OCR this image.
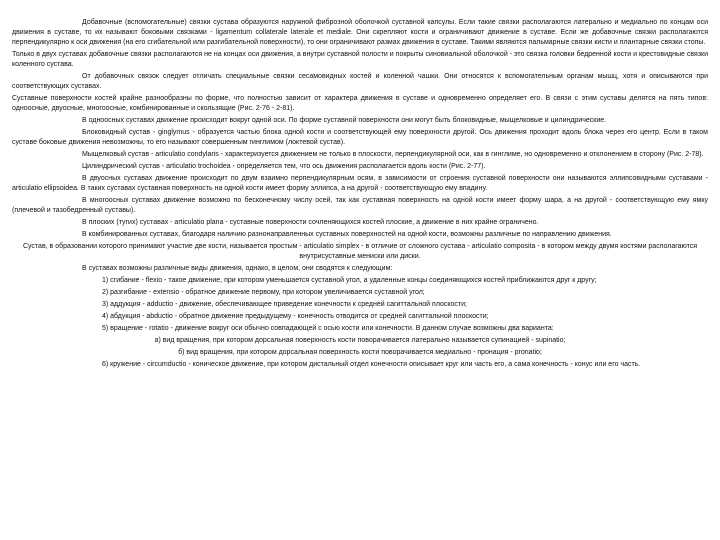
Добавочные (вспомогательные) связки сустава образуются наружной фиброзной оболочкой суставной капсулы. Если такие связки располагаются латерально и медиально по концам оси движения в суставе, то их называют боковыми связками - ligamentum collaterale laterale et mediale. Они скрепляют кости и ограничивают движение в суставе. Если же добавочные связки располагаются перпендикулярно к оси движения (на его сгибательной или разгибательной поверхности), то они ограничивают размах движения в суставе. Такими являются пальмарные связки кисти и плантарные связки стопы.

Только в двух суставах добавочные связки располагаются не на концах оси движения, а внутри суставной полости и покрыты синовиальной оболочкой - это связка головки бедренной кости и крестовидные связки коленного сустава.

От добавочных связок следует отличать специальные связки сесамовидных костей и коленной чашки. Они относятся к вспомогательным органам мышц, хотя и описываются при соответствующих суставах.

Суставные поверхности костей крайне разнообразны по форме, что полностью зависит от характера движения в суставе и одновременно определяет его. В связи с этим суставы делятся на пять типов: одноосные, двуосные, многоосные, комбинированные и скользящие (Рис. 2-76 - 2-81).

В одноосных суставах движение происходит вокруг одной оси. По форме суставной поверхности они могут быть блоковидные, мыщелковые и цилиндрические.

Блоковидный сустав - ginglymus - образуется частью блока одной кости и соответствующей ему поверхности другой. Ось движения проходит вдоль блока через его центр. Если в таком суставе боковые движения невозможны, то его называют совершенным гинглимом (локтевой сустав).

Мыщелковый сустав - articulatio condylaris - характеризуется движением не только в плоскости, перпендикулярной оси, как в гинглиме, но одновременно и отклонением в сторону (Рис. 2-78).

Цилиндрический сустав - articulatio trochoidea - определяется тем, что ось движения располагается вдоль кости (Рис. 2-77).

В двуосных суставах движение происходит по двум взаимно перпендикулярным осям, в зависимости от строения суставной поверхности они называются эллипсовидными суставами - articulatio ellipsoidea. В таких суставах суставная поверхность на одной кости имеет форму эллипса, а на другой - соответствующую ему впадину.

В многоосных суставах движение возможно по бесконечному числу осей, так как суставная поверхность на одной кости имеет форму шара, а на другой - соответствующую ему ямку (плечевой и тазобедренный суставы).

В плоских (тугих) суставах - articulatio plana - суставные поверхности сочленяющихся костей плоские, а движение в них крайне ограничено.

В комбинированных суставах, благодаря наличию разнонаправленных суставных поверхностей на одной кости, возможны различные по направлению движения.

Сустав, в образовании которого принимают участие две кости, называется простым - articulatio simplex - в отличие от сложного сустава - articulatio composita - в котором между двумя костями располагаются внутрисуставные мениски или диски.

В суставах возможны различные виды движения, однако, в целом, они сводятся к следующим:

1) сгибание - flexio - такое движение, при котором уменьшается суставной угол, а удаленные концы соединяющихся костей приближаются друг к другу;

2) разгибание - extensio - обратное движение первому, при котором увеличивается суставной угол;

3) аддукция - adductio - движение, обеспечивающее приведение конечности к средней сагиттальной плоскости;

4) абдукция - abductio - обратное движение предыдущему - конечность отводится от средней сагиттальной плоскости;

5) вращение - rotatio - движение вокруг оси обычно совпадающей с осью кости или конечности. В данном случае возможны два варианта:

а) вид вращения, при котором дорсальная поверхность кости поворачивается латерально называется супинацией - supinatio;

б) вид вращения, при котором дорсальная поверхность кости поворачивается медиально - пронация - pronatio;

6) кружение - circumductio - коническое движение, при котором дистальный отдел конечности описывает круг или часть его, а сама конечность - конус или его часть.
